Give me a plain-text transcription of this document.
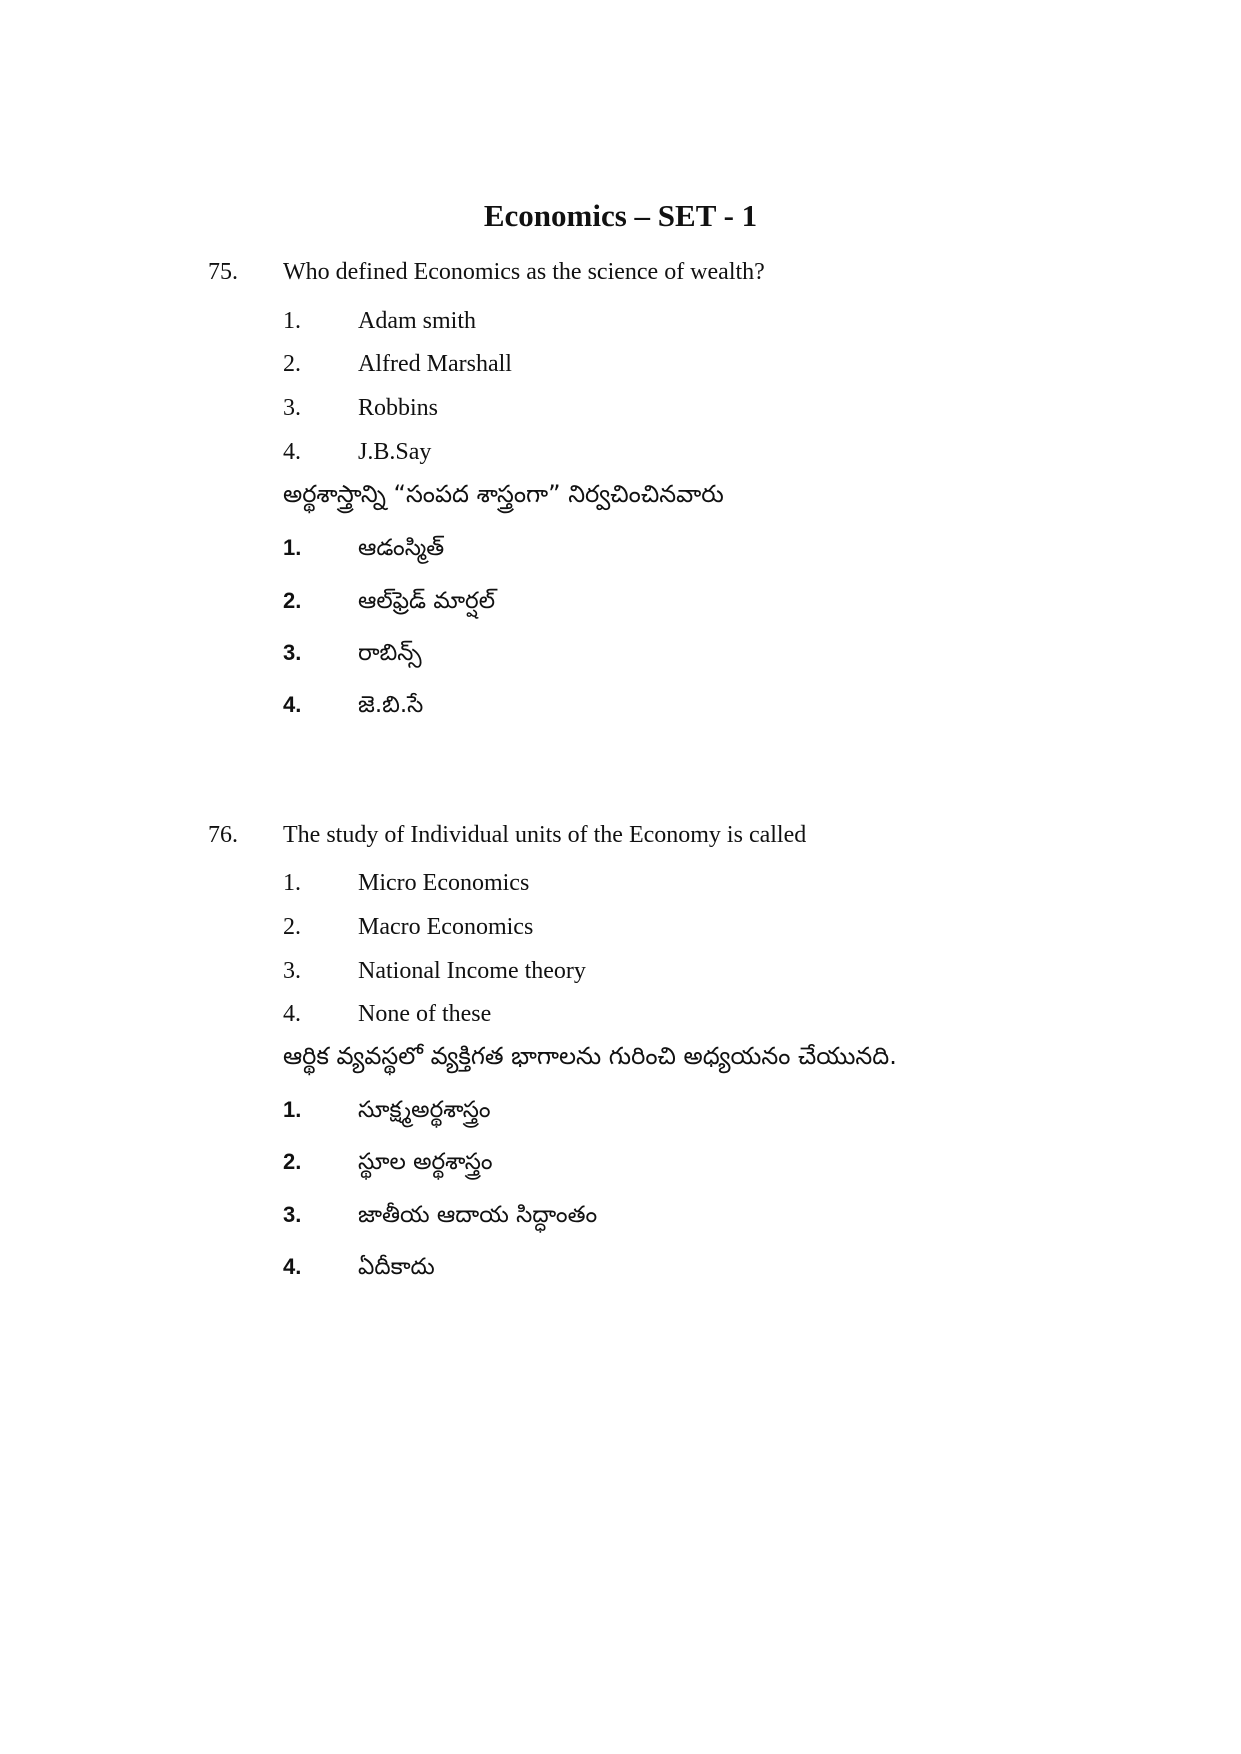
Economics – SET - 1
75. Who defined Economics as the science of wealth?
1. Adam smith
2. Alfred Marshall
3. Robbins
4. J.B.Say
అర్థశాస్త్రాన్ని “సంపద శాస్త్రంగా” నిర్వచించినవారు
1. ఆడంస్మిత్
2. ఆల్‌ఫ్రెడ్ మార్షల్
3. రాబిన్స్
4. జె.బి.సే
76. The study of Individual units of the Economy is called
1. Micro Economics
2. Macro Economics
3. National Income theory
4. None of these
ఆర్థిక వ్యవస్థలో వ్యక్తిగత భాగాలను గురించి అధ్యయనం చేయునది.
1. సూక్ష్మఅర్థశాస్త్రం
2. స్థూల అర్థశాస్త్రం
3. జాతీయ ఆదాయ సిద్ధాంతం
4. ఏదీకాదు
